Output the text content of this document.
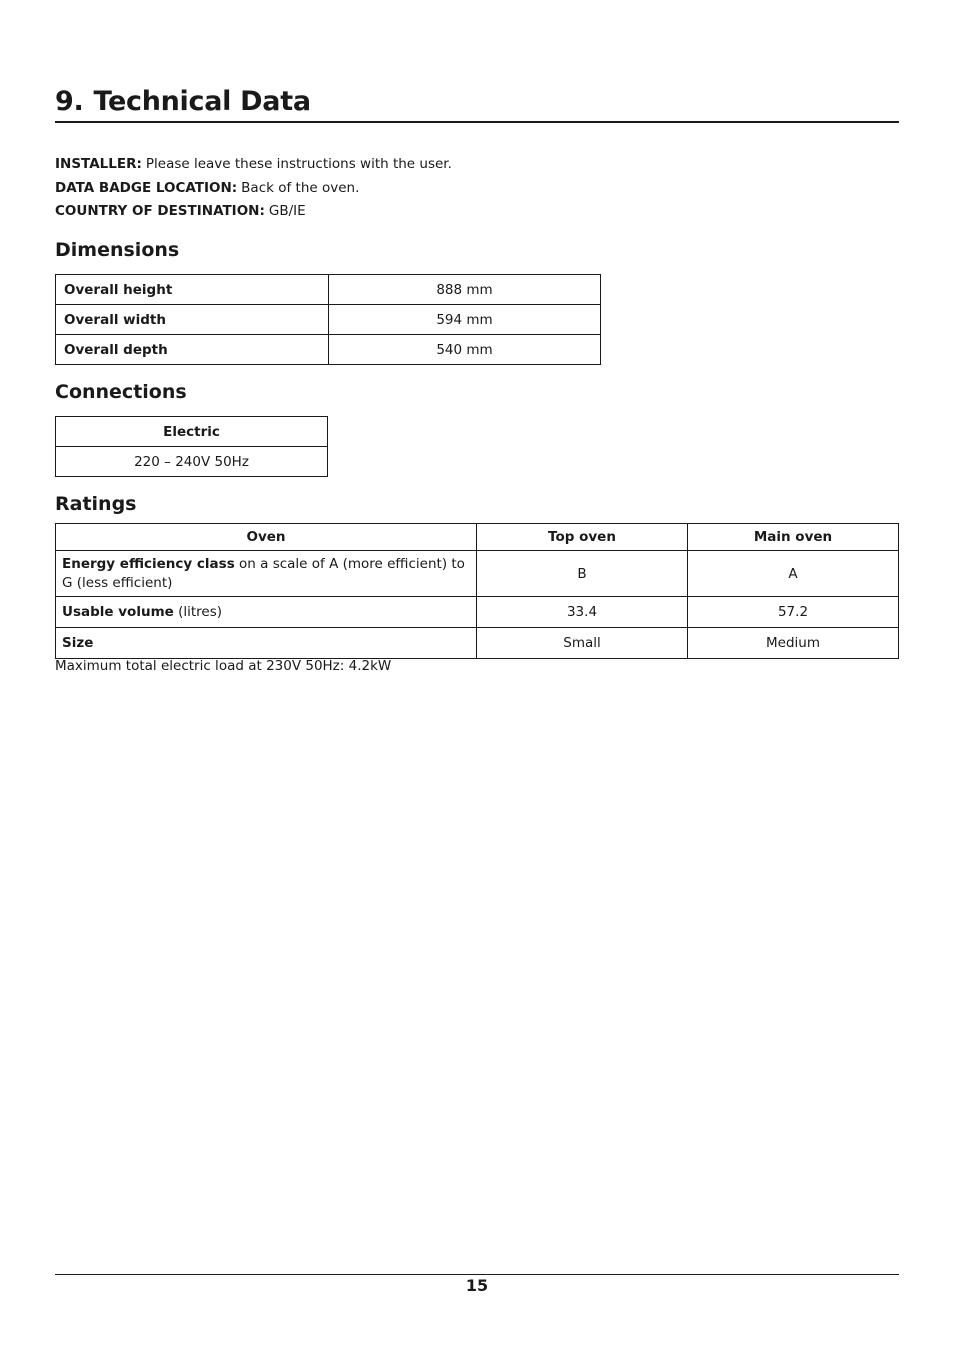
9. Technical Data
INSTALLER: Please leave these instructions with the user.
DATA BADGE LOCATION: Back of the oven.
COUNTRY OF DESTINATION: GB/IE
Dimensions
Overall height	888 mm
Overall width	594 mm
Overall depth	540 mm
Connections
Electric
220 – 240V 50Hz
Ratings
Oven	Top oven	Main oven
Energy efficiency class on a scale of A (more efficient) to G (less efficient)	B	A
Usable volume (litres)	33.4	57.2
Size	Small	Medium
Maximum total electric load at 230V 50Hz: 4.2kW
15
